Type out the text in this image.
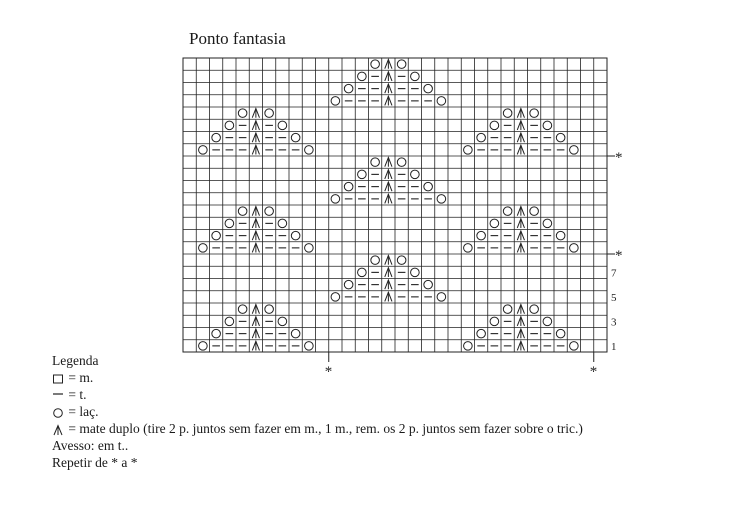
Ponto fantasia
*
*
*	*
7
5
3
1
Legenda
= m.
= t.
= laç.
= mate duplo (tire 2 p. juntos sem fazer em m., 1 m., rem. os 2 p. juntos sem fazer sobre o tric.)
Avesso: em t..
Repetir de * a *
